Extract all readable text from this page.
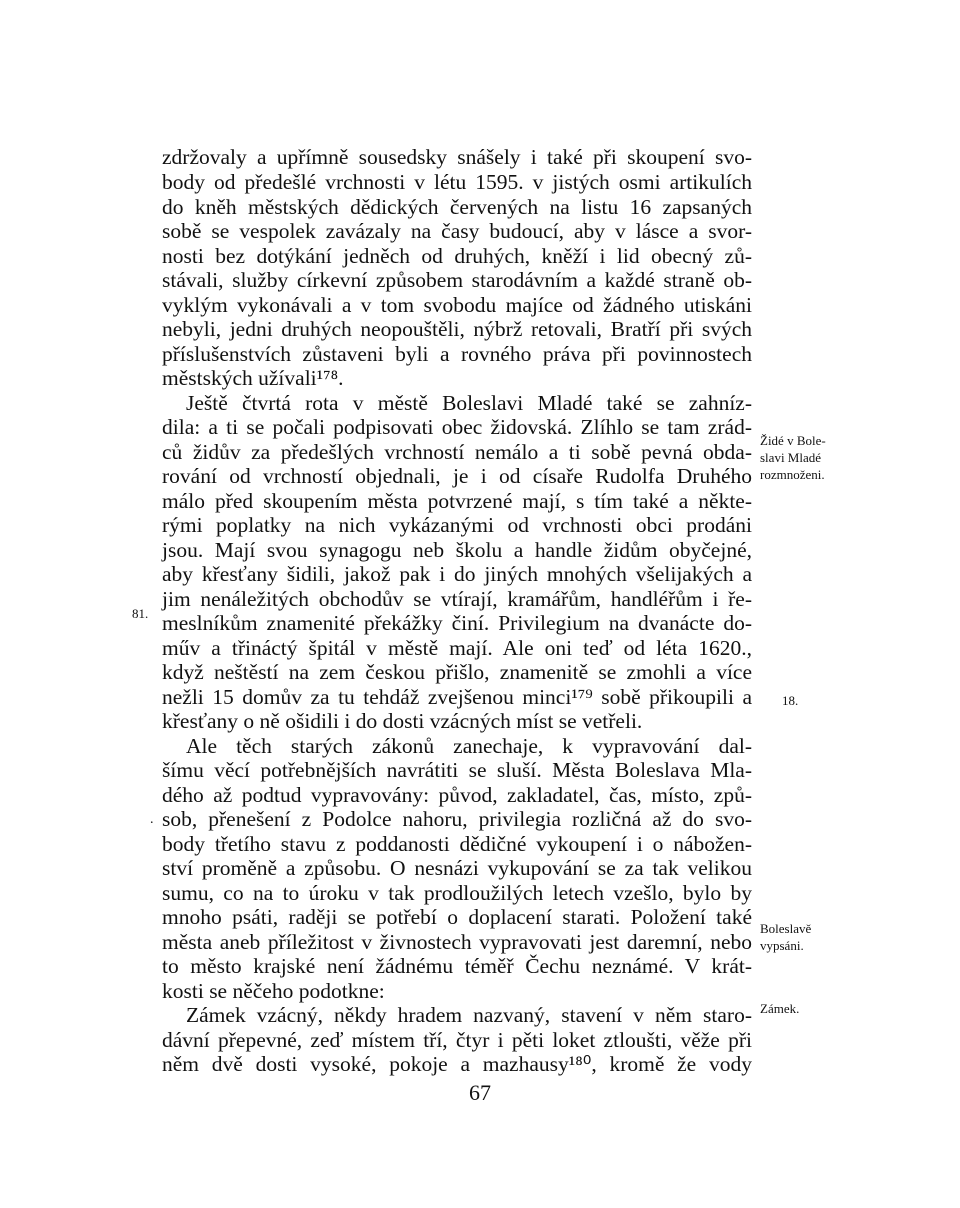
zdržovaly a upřímně sousedsky snášely i také při skoupení svo-
body od předešlé vrchnosti v létu 1595. v jistých osmi artikulích
do kněh městských dědických červených na listu 16 zapsaných
sobě se vespolek zavázaly na časy budoucí, aby v lásce a svor-
nosti bez dotýkání jedněch od druhých, kněží i lid obecný zů-
stávali, služby církevní způsobem starodávním a každé straně ob-
vyklým vykonávali a v tom svobodu majíce od žádného utiskáni
nebyli, jedni druhých neopouštěli, nýbrž retovali, Bratří při svých
příslušenstvích zůstaveni byli a rovného práva při povinnostech
městských užívali¹⁷⁸.
Ještě čtvrtá rota v městě Boleslavi Mladé také se zahníz-
dila: a ti se počali podpisovati obec židovská. Zlíhlo se tam zrád-
ců židův za předešlých vrchností nemálo a ti sobě pevná obda-
rování od vrchností objednali, je i od císaře Rudolfa Druhého
málo před skoupením města potvrzené mají, s tím také a někte-
rými poplatky na nich vykázanými od vrchnosti obci prodáni
jsou. Mají svou synagogu neb školu a handle židům obyčejné,
aby křesťany šidili, jakož pak i do jiných mnohých všelijakých a
jim nenáležitých obchodův se vtírají, kramářům, handléřům i ře-
meslníkům znamenité překážky činí. Privilegium na dvanácte do-
műv a třináctý špitál v městě mají. Ale oni teď od léta 1620.,
když neštěstí na zem českou přišlo, znamenitě se zmohli a více
nežli 15 domův za tu tehdáž zvejšenou minci¹⁷⁹ sobě přikoupili a
křesťany o ně ošidili i do dosti vzácných míst se vetřeli.
Ale těch starých zákonů zanechaje, k vypravování dal-
šímu věcí potřebnějších navrátiti se sluší. Města Boleslava Mla-
dého až podtud vypravovány: původ, zakladatel, čas, místo, způ-
sob, přenešení z Podolce nahoru, privilegia rozličná až do svo-
body třetího stavu z poddanosti dědičné vykoupení i o nábožen-
ství proměně a způsobu. O nesnázi vykupování se za tak velikou
sumu, co na to úroku v tak prodloužilých letech vzešlo, bylo by
mnoho psáti, raději se potřebí o doplacení starati. Položení také
města aneb příležitost v živnostech vypravovati jest daremní, nebo
to město krajské není žádnému téměř Čechu neznámé. V krát-
kosti se něčeho podotkne:
Zámek vzácný, někdy hradem nazvaný, stavení v něm staro-
dávní přepevné, zeď místem tří, čtyr i pěti loket ztloušti, věže při
něm dvě dosti vysoké, pokoje a mazhausy¹⁸⁰, kromě že vody
81.
.
Židé v Bole-
slavi Mladé
rozmnoženi.
18.
Boleslavě
vypsáni.
Zámek.
67
